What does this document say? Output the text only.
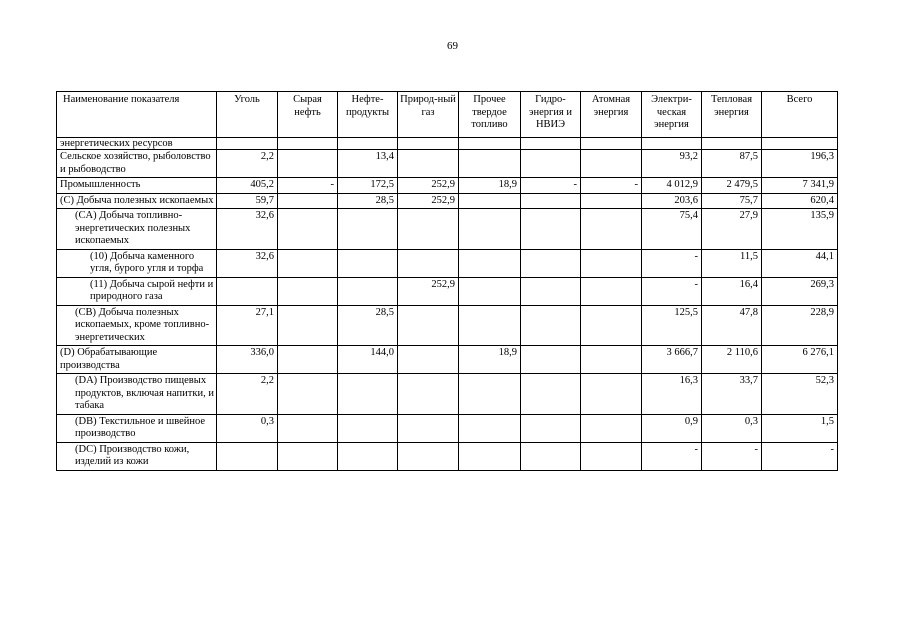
69
Наименование показателя	Уголь	Сырая нефть	Нефте-продукты	Природ-ный газ	Прочее твердое топливо	Гидро-энергия и НВИЭ	Атомная энергия	Электри-ческая энергия	Тепловая энергия	Всего
энергетических ресурсов										
Сельское хозяйство, рыболовство и рыбоводство	2,2		13,4					93,2	87,5	196,3
Промышленность	405,2	-	172,5	252,9	18,9	-	-	4 012,9	2 479,5	7 341,9
(C) Добыча полезных ископаемых	59,7		28,5	252,9				203,6	75,7	620,4
(CA) Добыча топливно-энергетических полезных ископаемых	32,6							75,4	27,9	135,9
(10) Добыча каменного угля, бурого угля и торфа	32,6							-	11,5	44,1
(11) Добыча сырой нефти и природного газа				252,9				-	16,4	269,3
(CB) Добыча полезных ископаемых, кроме топливно-энергетических	27,1		28,5					125,5	47,8	228,9
(D) Обрабатывающие производства	336,0		144,0		18,9			3 666,7	2 110,6	6 276,1
(DA) Производство пищевых продуктов, включая напитки, и табака	2,2							16,3	33,7	52,3
(DB) Текстильное и швейное производство	0,3							0,9	0,3	1,5
(DC) Производство кожи, изделий из кожи								-	-	-
